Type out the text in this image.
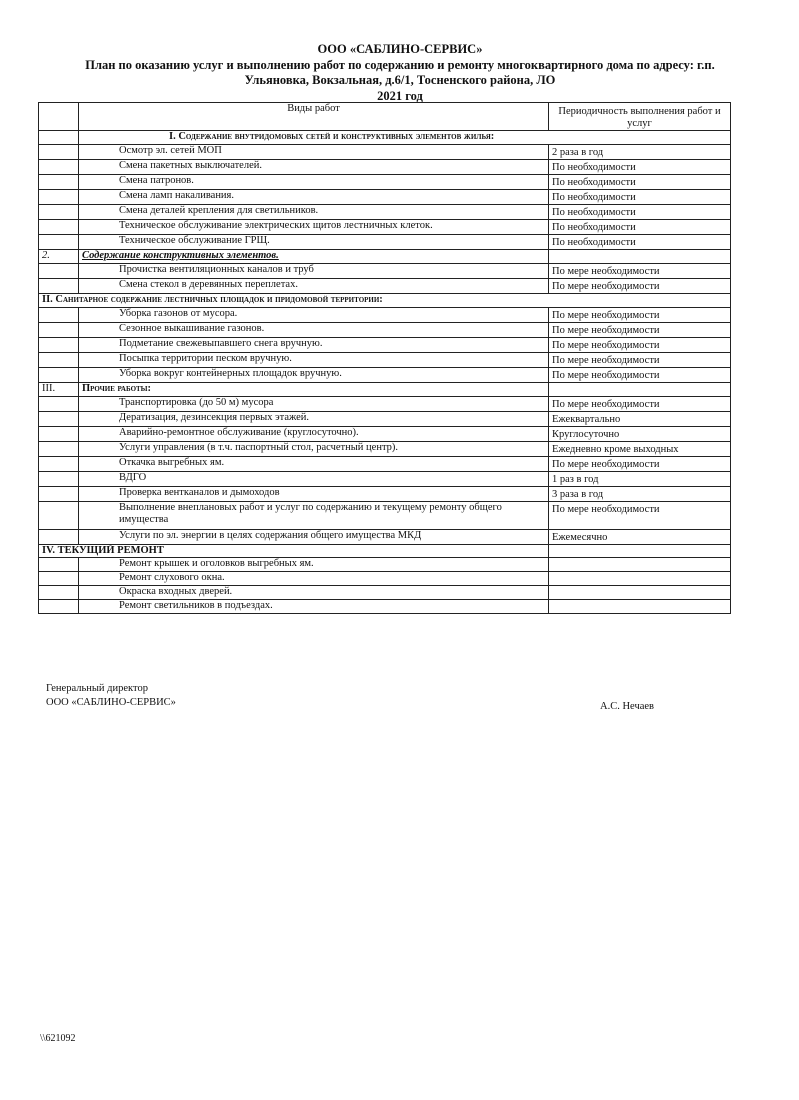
ООО «САБЛИНО-СЕРВИС»
План по оказанию услуг и выполнению работ по содержанию и ремонту многоквартирного дома по адресу: г.п.
Ульяновка, Вокзальная, д.6/1, Тосненского района, ЛО
2021 год
	Виды работ	Периодичность выполнения работ и услуг
	I. Содержание внутридомовых сетей и конструктивных элементов жилья:	
	Осмотр эл. сетей МОП	2 раза в год
	Смена пакетных выключателей.	По необходимости
	Смена патронов.	По необходимости
	Смена ламп накаливания.	По необходимости
	Смена деталей крепления для светильников.	По необходимости
	Техническое обслуживание электрических щитов лестничных клеток.	По необходимости
	Техническое обслуживание ГРЩ.	По необходимости
2.	Содержание конструктивных элементов.	
	Прочистка вентиляционных каналов и труб	По мере необходимости
	Смена стекол в деревянных переплетах.	По мере необходимости
II. Санитарное содержание лестничных площадок и придомовой территории:		
	Уборка газонов от мусора.	По мере необходимости
	Сезонное выкашивание газонов.	По мере необходимости
	Подметание свежевыпавшего снега вручную.	По мере необходимости
	Посыпка территории песком вручную.	По мере необходимости
	Уборка вокруг контейнерных площадок вручную.	По мере необходимости
III.	Прочие работы:	
	Транспортировка (до 50 м) мусора	По мере необходимости
	Дератизация, дезинсекция первых этажей.	Ежеквартально
	Аварийно-ремонтное обслуживание (круглосуточно).	Круглосуточно
	Услуги управления (в т.ч. паспортный стол, расчетный центр).	Ежедневно кроме выходных
	Откачка выгребных ям.	По мере необходимости
	ВДГО	1 раз в год
	Проверка вентканалов и дымоходов	3 раза в год
	Выполнение внеплановых работ и услуг по содержанию и текущему ремонту общего имущества	По мере необходимости
	Услуги по эл. энергии в целях содержания общего имущества МКД	Ежемесячно
IV. ТЕКУЩИЙ РЕМОНТ		
	Ремонт крышек и оголовков выгребных ям.	
	Ремонт слухового окна.	
	Окраска входных дверей.	
	Ремонт светильников в подъездах.	
Генеральный директор
ООО «САБЛИНО-СЕРВИС»	А.С. Нечаев
\\621092
